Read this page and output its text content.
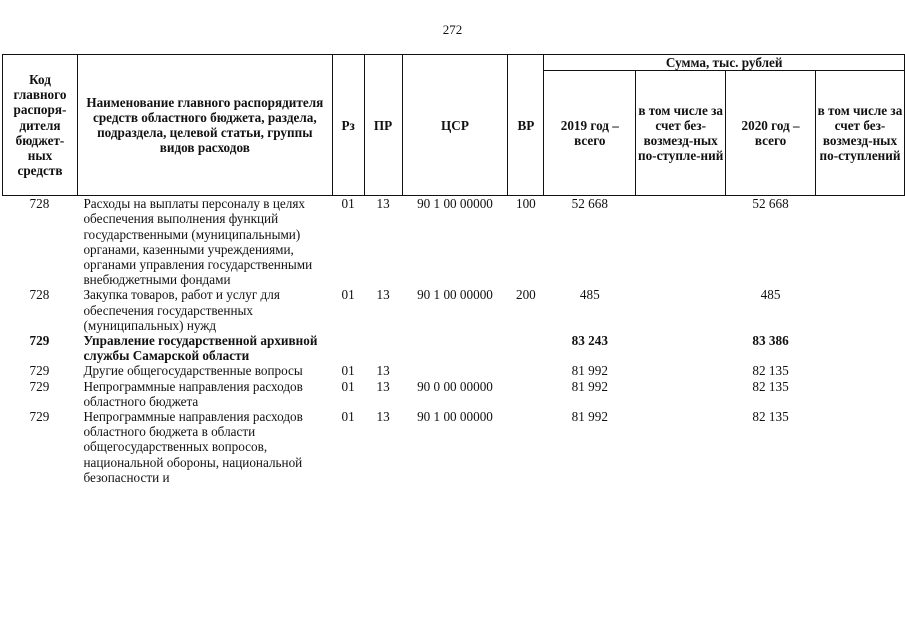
272
Код главного распоря-дителя бюджет-ных средств	Наименование главного распорядителя средств областного бюджета, раздела, подраздела, целевой статьи, группы видов расходов	Рз	ПР	ЦСР	ВР	Сумма, тыс. рублей			
						2019 год – всего	в том числе за счет без-возмезд-ных по-ступле-ний	2020 год – всего	в том числе за счет без-возмезд-ных по-ступлений
728	Расходы на выплаты персоналу в целях обеспечения выполнения функций государственными (муниципальными) органами, казенными учреждениями, органами управления государственными внебюджетными фондами	01	13	90 1 00 00000	100	52 668		52 668	
728	Закупка товаров, работ и услуг для обеспечения государственных (муниципальных) нужд	01	13	90 1 00 00000	200	485		485	
729	Управление государственной архивной службы Самарской области					83 243		83 386	
729	Другие общегосударственные вопросы	01	13			81 992		82 135	
729	Непрограммные направления расходов областного бюджета	01	13	90 0 00 00000		81 992		82 135	
729	Непрограммные направления расходов областного бюджета в области общегосударственных вопросов, национальной обороны, национальной безопасности и	01	13	90 1 00 00000		81 992		82 135	
